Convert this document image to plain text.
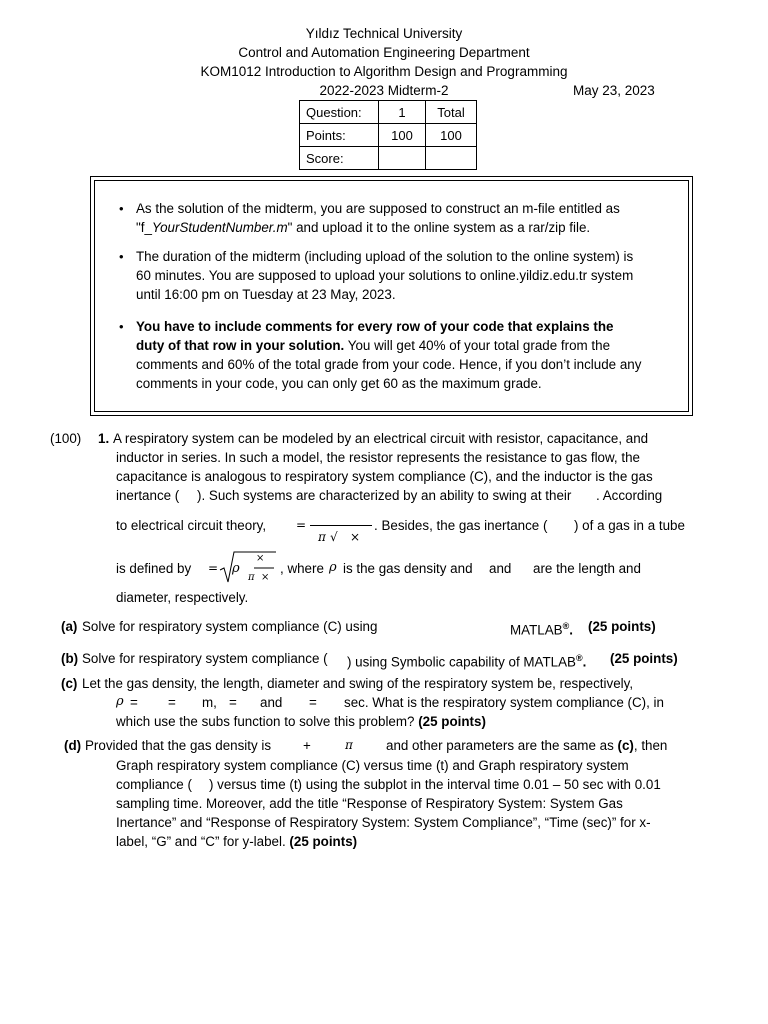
Yıldız Technical University
Control and Automation Engineering Department
KOM1012 Introduction to Algorithm Design and Programming
2022-2023 Midterm-2	May 23, 2023
Question:	1	Total
Points:	100	100
Score:		
• As the solution of the midterm, you are supposed to construct an m-file entitled as
"f_YourStudentNumber.m" and upload it to the online system as a rar/zip file.
• The duration of the midterm (including upload of the solution to the online system) is
60 minutes. You are supposed to upload your solutions to online.yildiz.edu.tr system
until 16:00 pm on Tuesday at 23 May, 2023.
• You have to include comments for every row of your code that explains the
duty of that row in your solution. You will get 40% of your total grade from the
comments and 60% of the total grade from your code. Hence, if you don’t include any
comments in your code, you can only get 60 as the maximum grade.
(100) 1. A respiratory system can be modeled by an electrical circuit with resistor, capacitance, and
inductor in series. In such a model, the resistor represents the resistance to gas flow, the
capacitance is analogous to respiratory system compliance (C), and the inductor is the gas
inertance ( ). Such systems are characterized by an ability to swing at their . According
to electrical circuit theory, =
π √ ×
. Besides, the gas inertance ( ) of a gas in a tube
is defined by = ρ
×
π ×
, where ρ is the gas density and and are the length and
diameter, respectively.
(a) Solve for respiratory system compliance (C) using	MATLAB®. (25 points)
(b) Solve for respiratory system compliance ( ) using Symbolic capability of MATLAB®. (25 points)
(c) Let the gas density, the length, diameter and swing of the respiratory system be, respectively,
ρ = = m, = and = sec. What is the respiratory system compliance (C), in
which use the subs function to solve this problem? (25 points)
(d) Provided that the gas density is +	π and other parameters are the same as (c), then
Graph respiratory system compliance (C) versus time (t) and Graph respiratory system
compliance ( ) versus time (t) using the subplot in the interval time 0.01 – 50 sec with 0.01
sampling time. Moreover, add the title “Response of Respiratory System: System Gas
Inertance” and “Response of Respiratory System: System Compliance”, “Time (sec)” for x-
label, “G” and “C” for y-label. (25 points)
